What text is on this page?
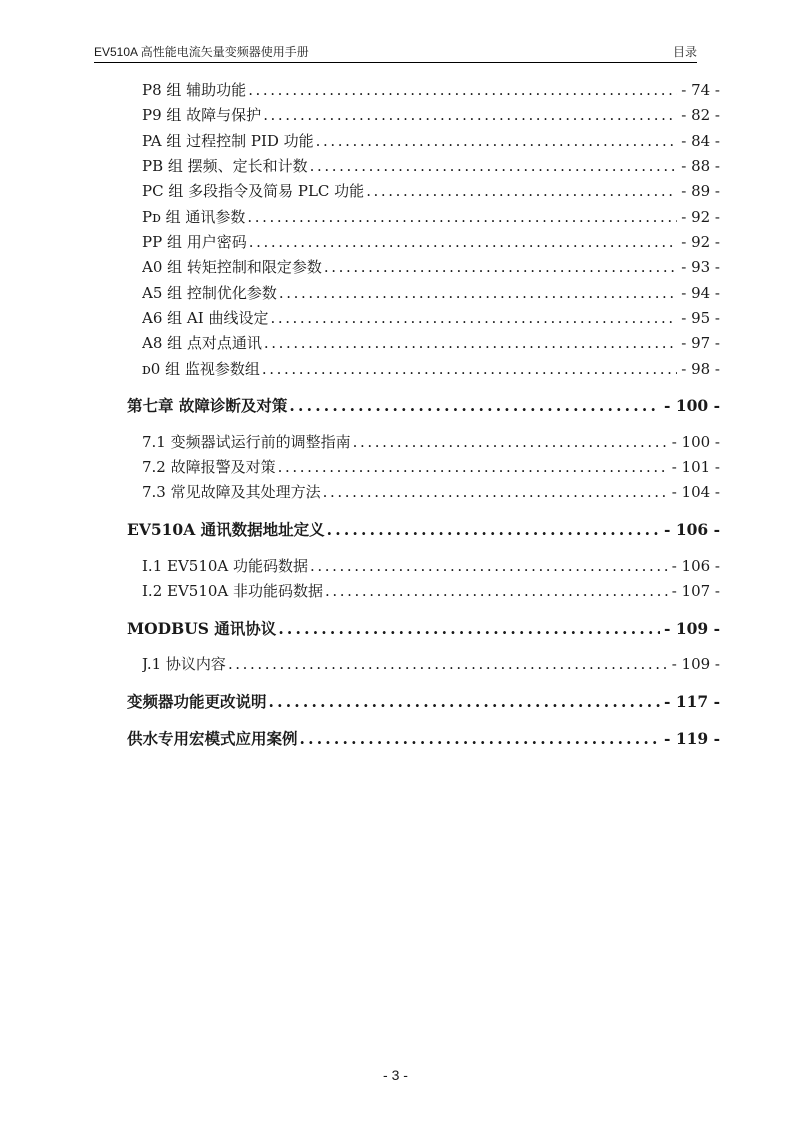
EV510A 高性能电流矢量变频器使用手册	目录
P8 组 辅助功能 .....	- 74 -
P9 组 故障与保护 .....	- 82 -
PA 组 过程控制 PID 功能 .....	- 84 -
PB 组 摆频、定长和计数 .....	- 88 -
PC 组 多段指令及简易 PLC 功能 .....	- 89 -
Pᴅ 组 通讯参数 .....	- 92 -
PP 组 用户密码 .....	- 92 -
A0 组 转矩控制和限定参数 .....	- 93 -
A5 组 控制优化参数 .....	- 94 -
A6 组 AI 曲线设定 .....	- 95 -
A8 组 点对点通讯 .....	- 97 -
ᴅ0 组 监视参数组 .....	- 98 -
第七章 故障诊断及对策 .....	- 100 -
7.1 变频器试运行前的调整指南 .....	- 100 -
7.2 故障报警及对策 .....	- 101 -
7.3 常见故障及其处理方法 .....	- 104 -
EV510A 通讯数据地址定义 .....	- 106 -
I.1 EV510A 功能码数据 .....	- 106 -
I.2 EV510A 非功能码数据 .....	- 107 -
MODBUS 通讯协议 .....	- 109 -
J.1 协议内容 .....	- 109 -
变频器功能更改说明 .....	- 117 -
供水专用宏模式应用案例 .....	- 119 -
- 3 -
